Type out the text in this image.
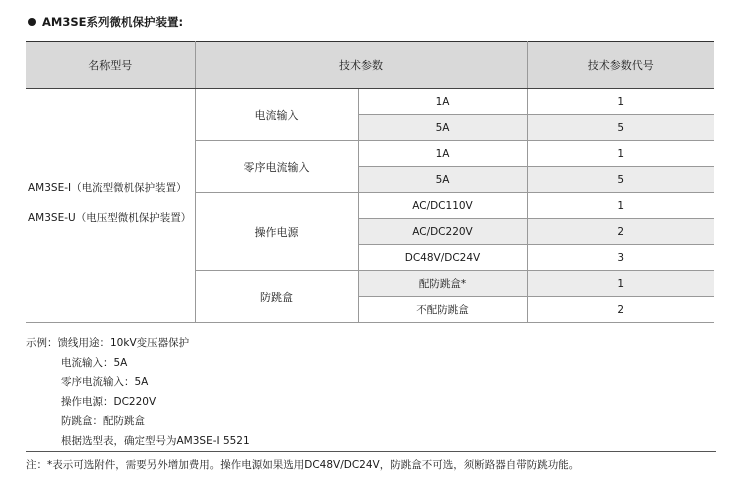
AM3SE系列微机保护装置:
名称型号	技术参数		技术参数代号

AM3SE-I（电流型微机保护装置）
AM3SE-U（电压型微机保护装置）	电流输入	1A	1
		5A	5
	零序电流输入	1A	1
		5A	5
	操作电源	AC/DC110V	1
		AC/DC220V	2
		DC48V/DC24V	3
	防跳盒	配防跳盒*	1
		不配防跳盒	2
示例：馈线用途：10kV变压器保护
电流输入：5A
零序电流输入：5A
操作电源：DC220V
防跳盒：配防跳盒
根据选型表，确定型号为AM3SE-I 5521
注：*表示可选附件，需要另外增加费用。操作电源如果选用DC48V/DC24V，防跳盒不可选，须断路器自带防跳功能。
